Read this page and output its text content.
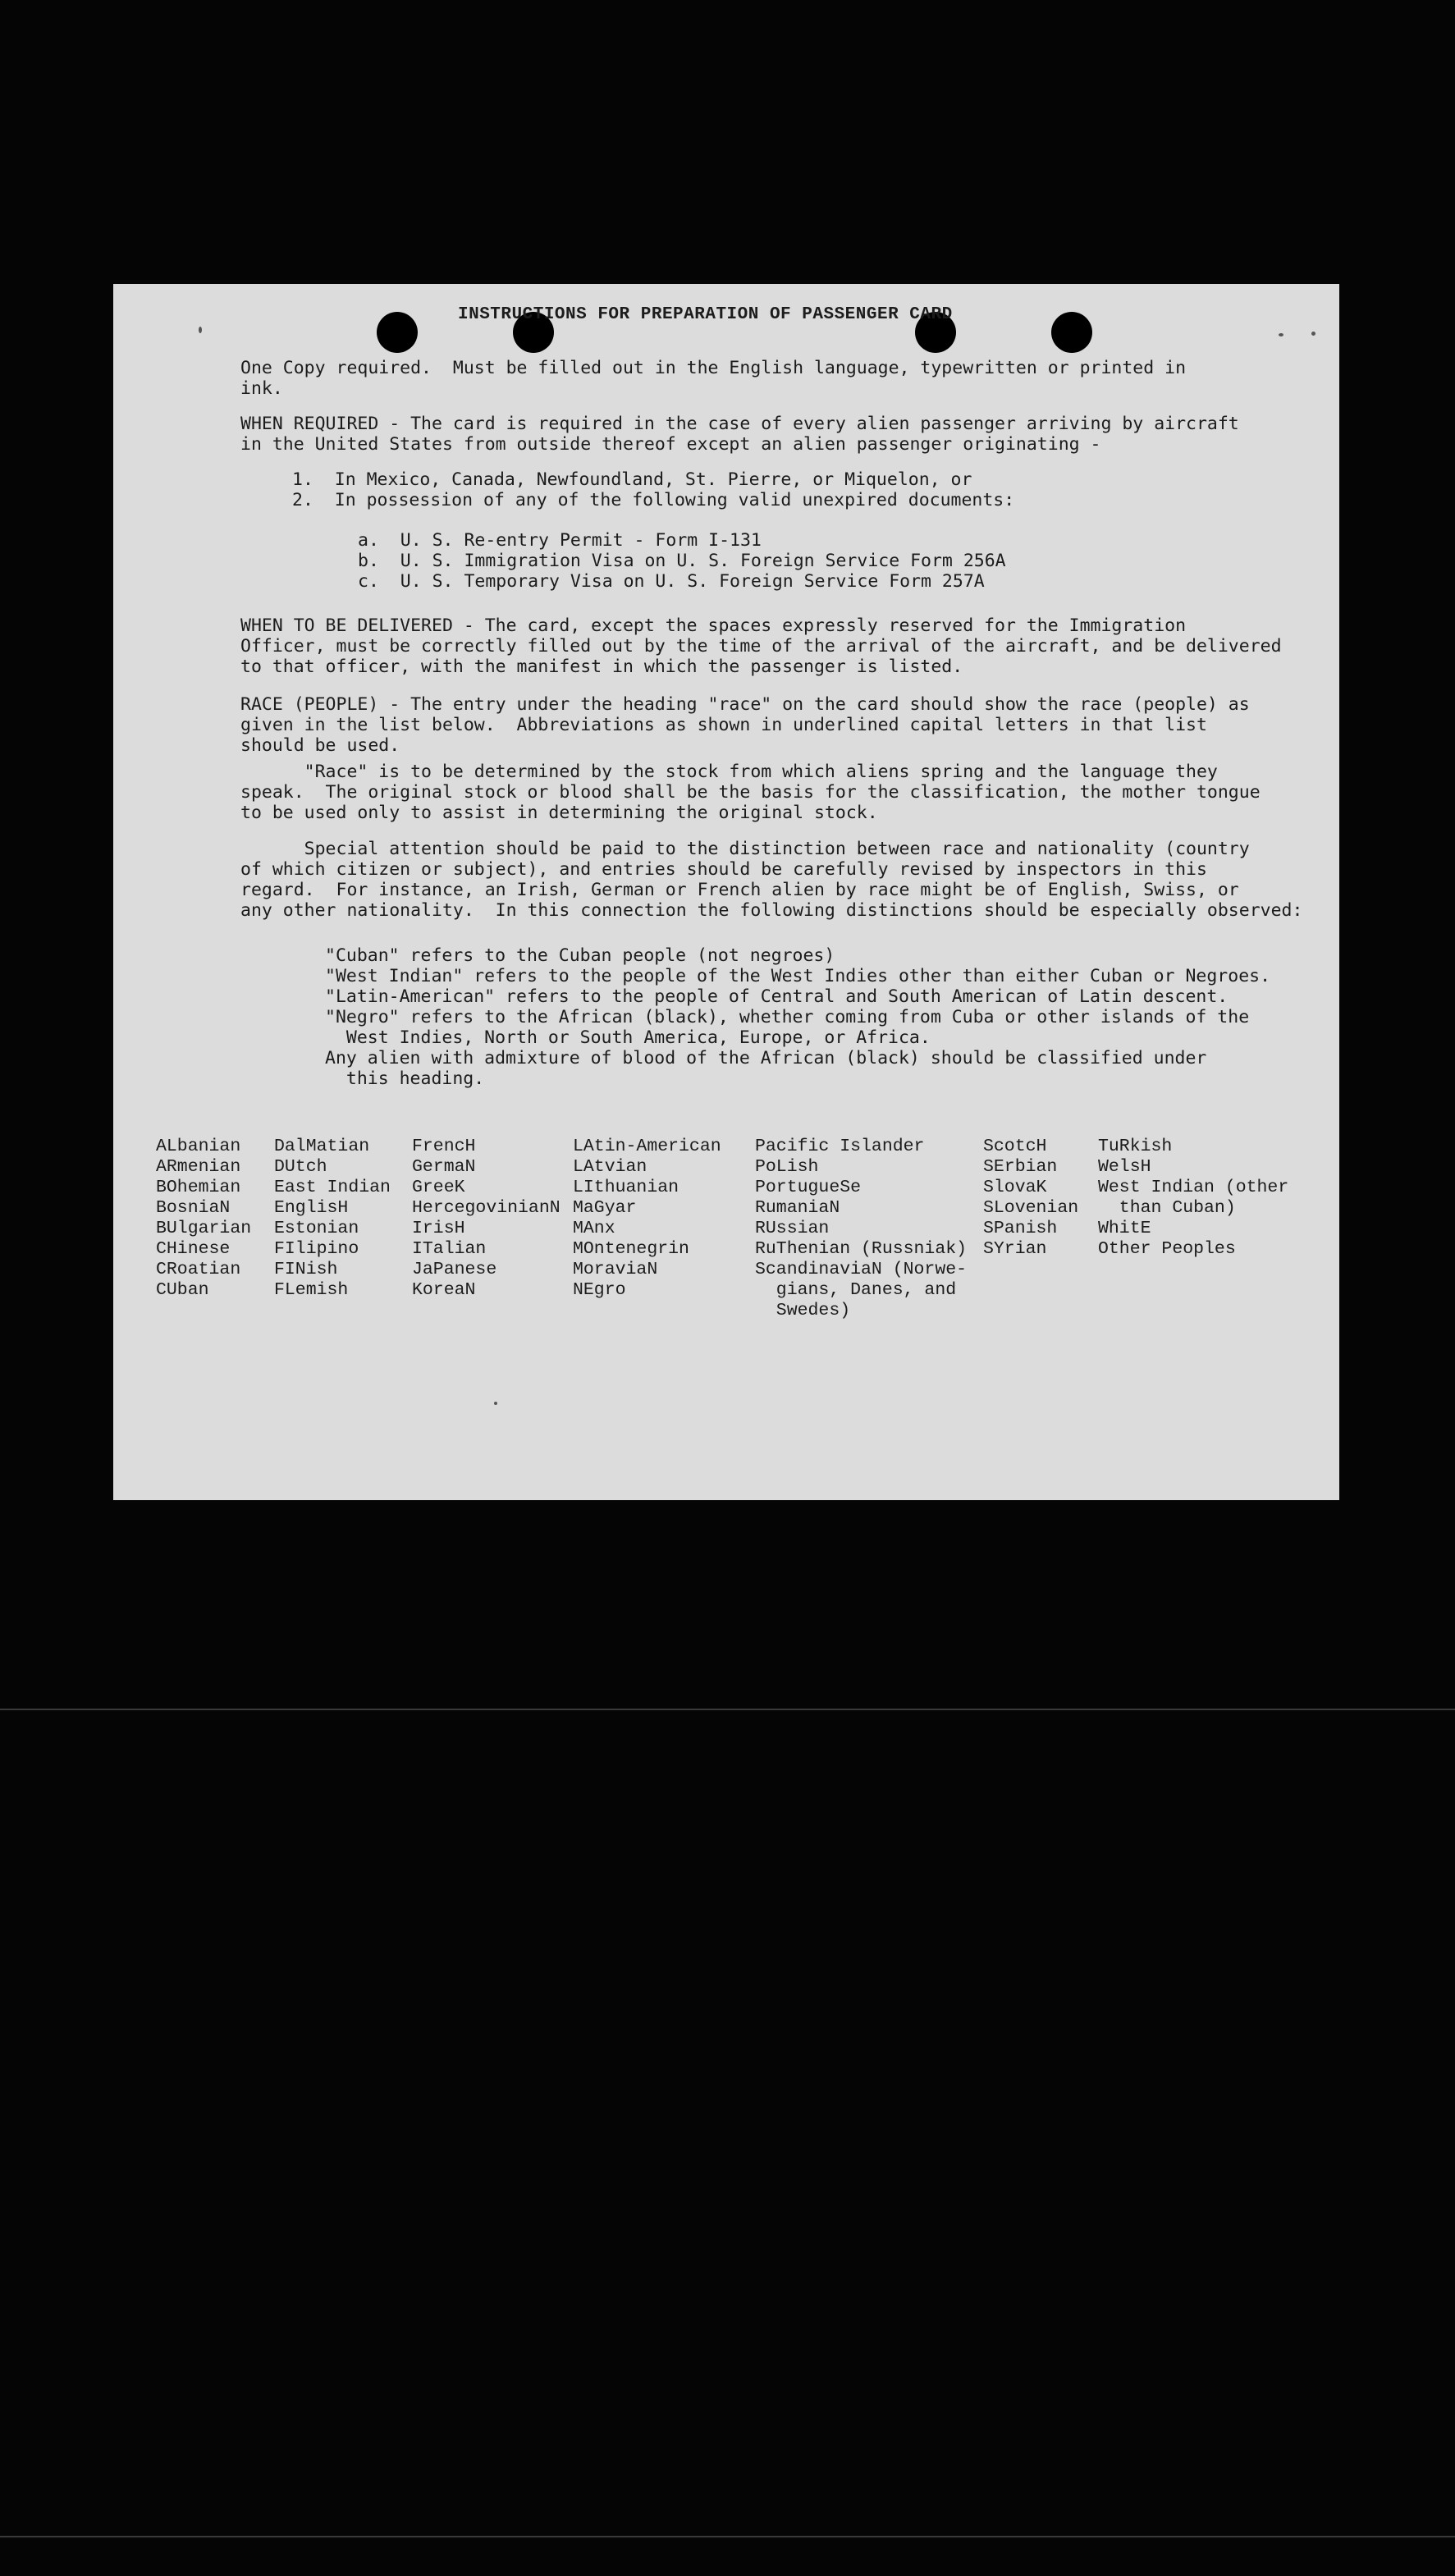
INSTRUCTIONS FOR PREPARATION OF PASSENGER CARD
One Copy required.  Must be filled out in the English language, typewritten or printed in
ink.
WHEN REQUIRED - The card is required in the case of every alien passenger arriving by aircraft
in the United States from outside thereof except an alien passenger originating -
1.  In Mexico, Canada, Newfoundland, St. Pierre, or Miquelon, or
2.  In possession of any of the following valid unexpired documents:
a.  U. S. Re-entry Permit - Form I-131
b.  U. S. Immigration Visa on U. S. Foreign Service Form 256A
c.  U. S. Temporary Visa on U. S. Foreign Service Form 257A
WHEN TO BE DELIVERED - The card, except the spaces expressly reserved for the Immigration
Officer, must be correctly filled out by the time of the arrival of the aircraft, and be delivered
to that officer, with the manifest in which the passenger is listed.
RACE (PEOPLE) - The entry under the heading "race" on the card should show the race (people) as
given in the list below.  Abbreviations as shown in underlined capital letters in that list
should be used.
"Race" is to be determined by the stock from which aliens spring and the language they
speak.  The original stock or blood shall be the basis for the classification, the mother tongue
to be used only to assist in determining the original stock.
Special attention should be paid to the distinction between race and nationality (country
of which citizen or subject), and entries should be carefully revised by inspectors in this
regard.  For instance, an Irish, German or French alien by race might be of English, Swiss, or
any other nationality.  In this connection the following distinctions should be especially observed:
"Cuban" refers to the Cuban people (not negroes)
"West Indian" refers to the people of the West Indies other than either Cuban or Negroes.
"Latin-American" refers to the people of Central and South American of Latin descent.
"Negro" refers to the African (black), whether coming from Cuba or other islands of the
West Indies, North or South America, Europe, or Africa.
Any alien with admixture of blood of the African (black) should be classified under
this heading.
ALbanian
ARmenian
BOhemian
BosniaN
BUlgarian
CHinese
CRoatian
CUban
DalMatian
DUtch
East Indian
EnglisH
Estonian
FIlipino
FINish
FLemish
FrencH
GermaN
GreeK
HercegovinianN
IrisH
ITalian
JaPanese
KoreaN
LAtin-American
LAtvian
LIthuanian
MaGyar
MAnx
MOntenegrin
MoraviaN
NEgro
Pacific Islander
PoLish
PortugueSe
RumaniaN
RUssian
RuThenian (Russniak)
ScandinaviaN (Norwe-
gians, Danes, and
Swedes)
ScotcH
SErbian
SlovaK
SLovenian
SPanish
SYrian
TuRkish
WelsH
West Indian (other
than Cuban)
WhitE
Other Peoples
